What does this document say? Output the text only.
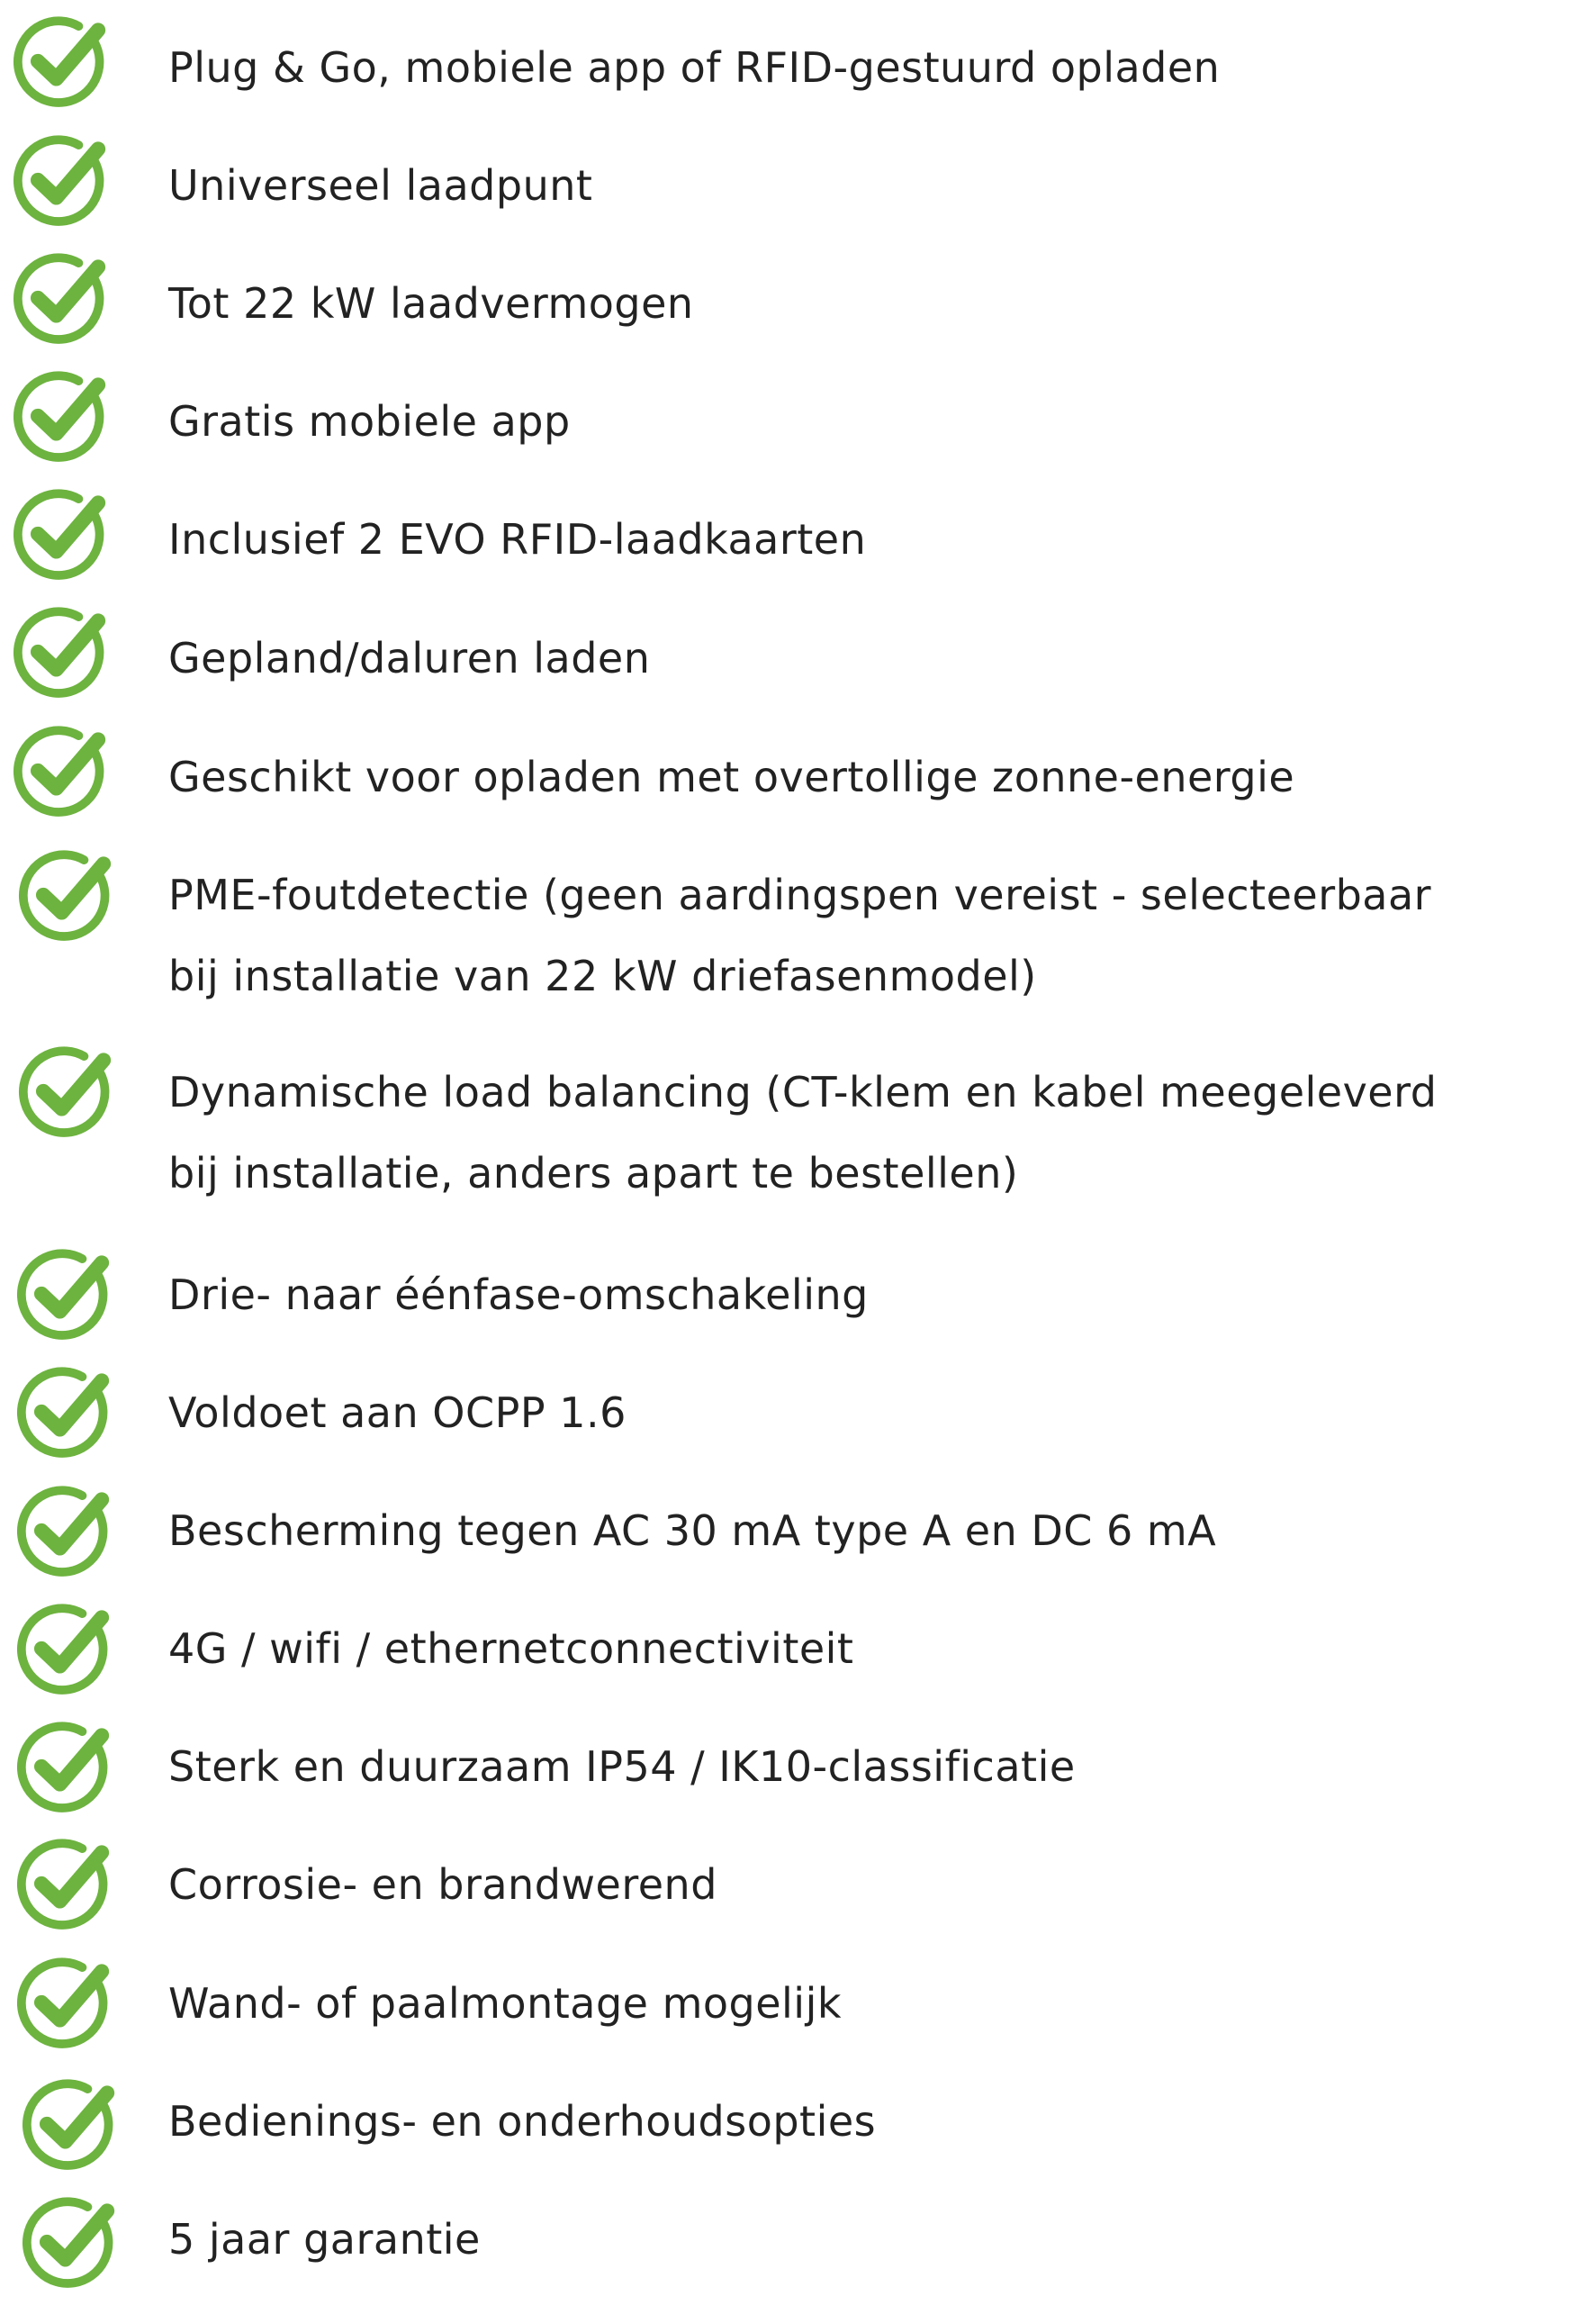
Plug & Go, mobiele app of RFID-gestuurd opladen
Universeel laadpunt
Tot 22 kW laadvermogen
Gratis mobiele app
Inclusief 2 EVO RFID-laadkaarten
Gepland/daluren laden
Geschikt voor opladen met overtollige zonne-energie
PME-foutdetectie (geen aardingspen vereist - selecteerbaar
bij installatie van 22 kW driefasenmodel)
Dynamische load balancing (CT-klem en kabel meegeleverd
bij installatie, anders apart te bestellen)
Drie- naar éénfase-omschakeling
Voldoet aan OCPP 1.6
Bescherming tegen AC 30 mA type A en DC 6 mA
4G / wifi / ethernetconnectiviteit
Sterk en duurzaam IP54 / IK10-classificatie
Corrosie- en brandwerend
Wand- of paalmontage mogelijk
Bedienings- en onderhoudsopties
5 jaar garantie
